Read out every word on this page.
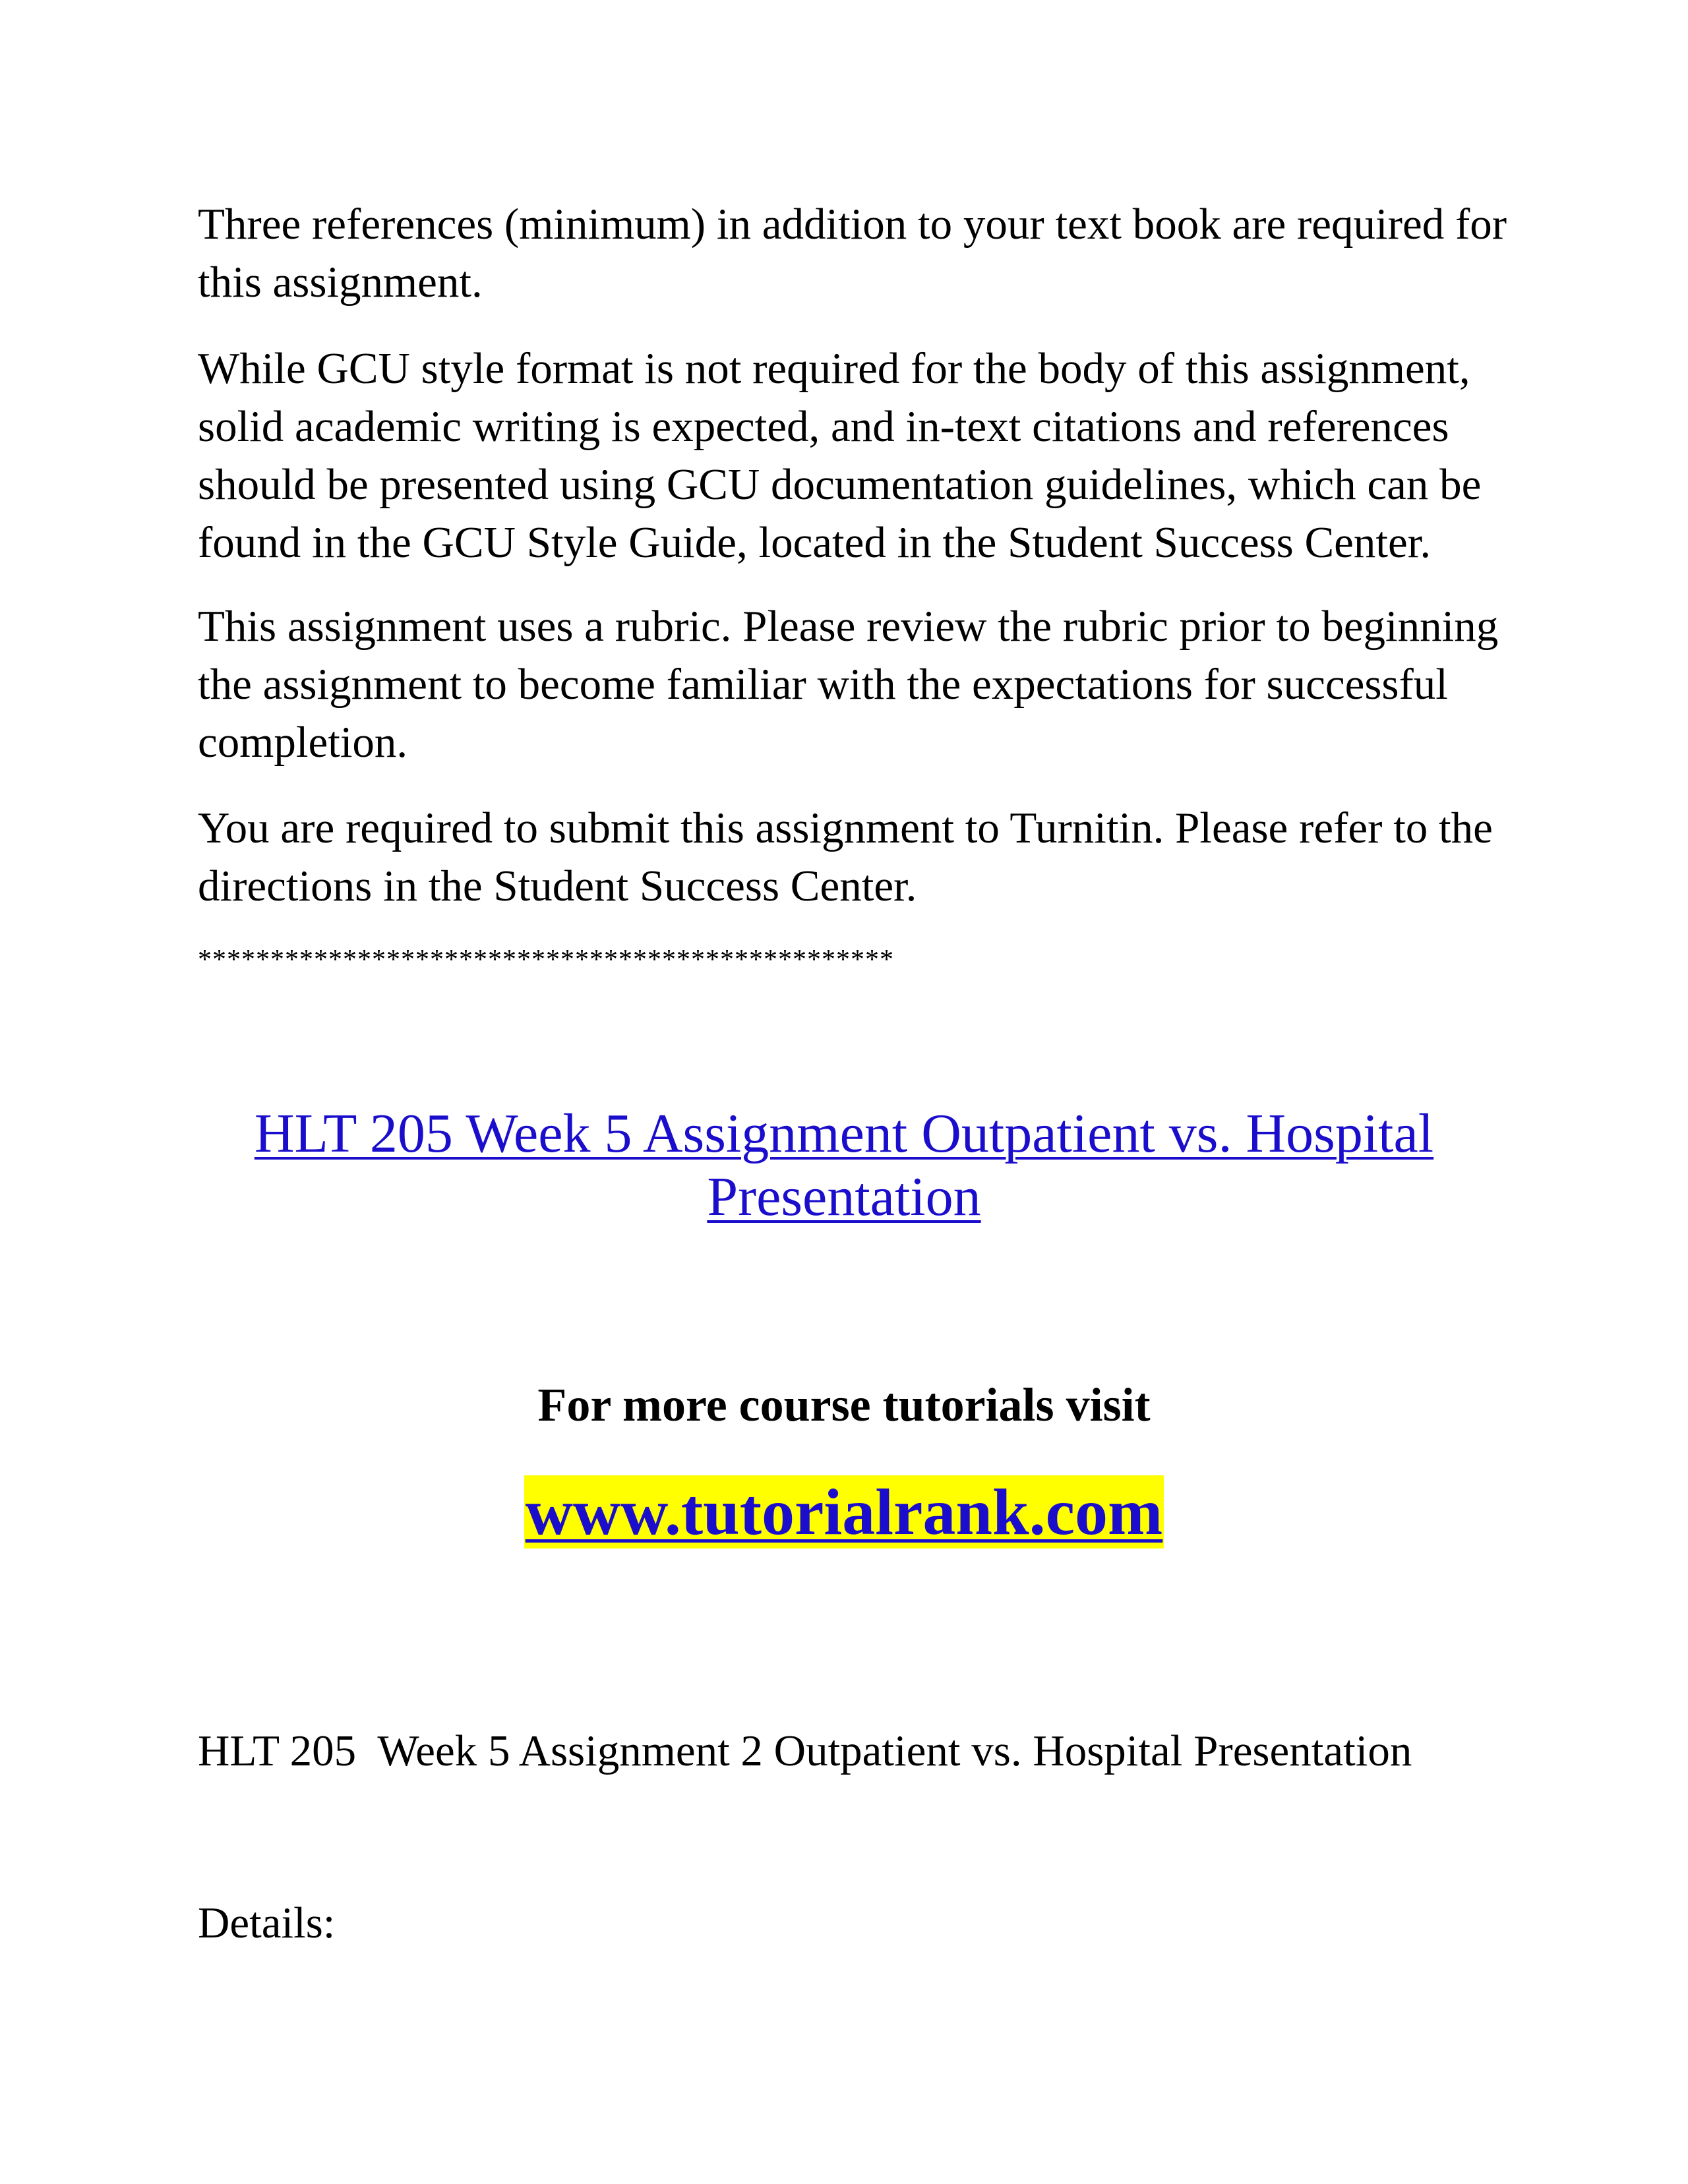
Three references (minimum) in addition to your text book are required for this assignment.

While GCU style format is not required for the body of this assignment, solid academic writing is expected, and in-text citations and references should be presented using GCU documentation guidelines, which can be found in the GCU Style Guide, located in the Student Success Center.

This assignment uses a rubric. Please review the rubric prior to beginning the assignment to become familiar with the expectations for successful completion.

You are required to submit this assignment to Turnitin. Please refer to the directions in the Student Success Center.

************************************************
HLT 205 Week 5 Assignment Outpatient vs. Hospital Presentation
For more course tutorials visit
www.tutorialrank.com
HLT 205  Week 5 Assignment 2 Outpatient vs. Hospital Presentation
Details:
